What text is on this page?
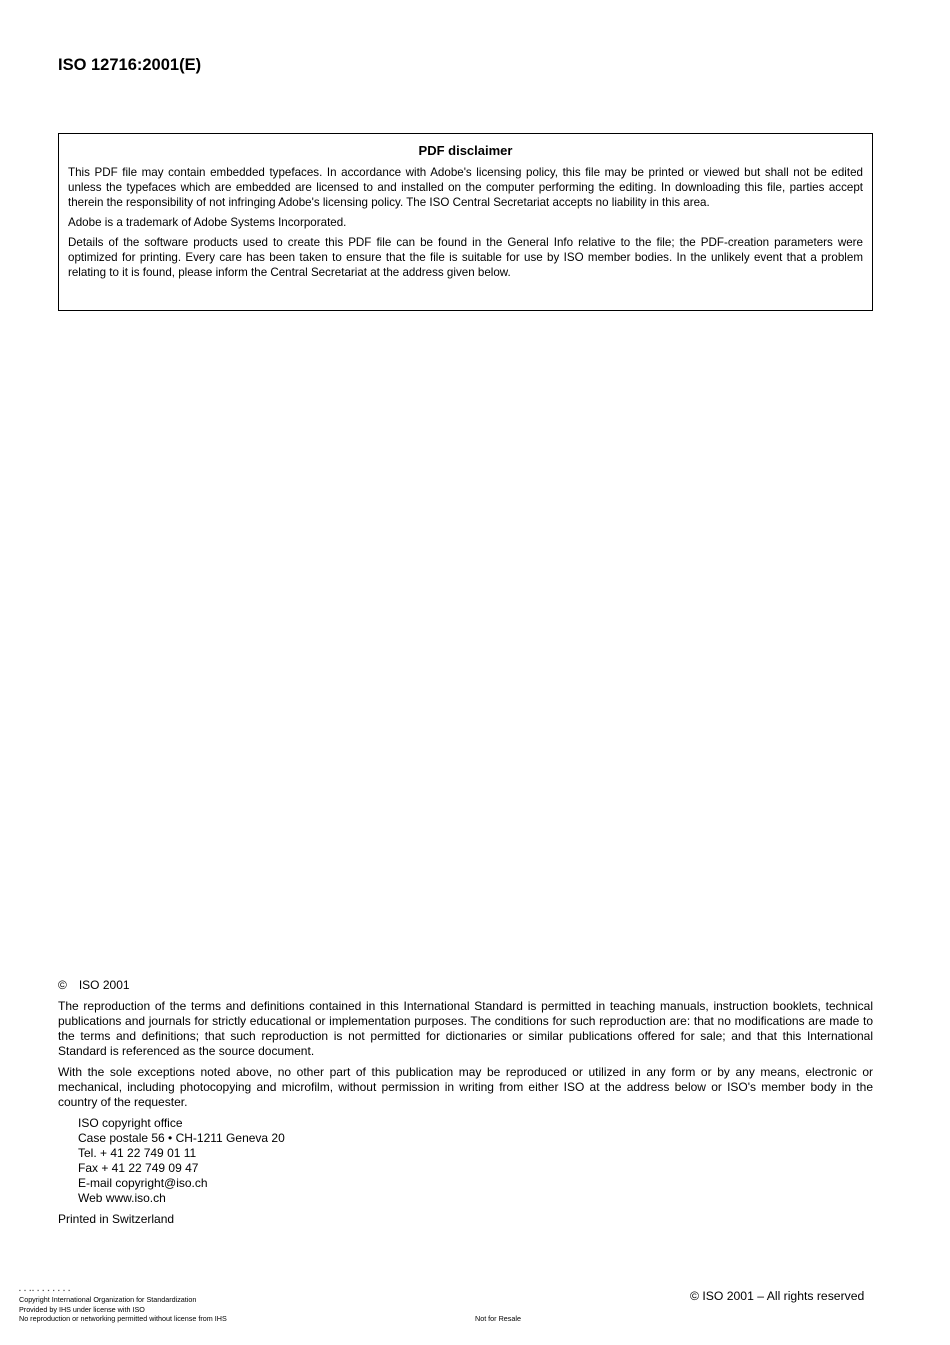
ISO 12716:2001(E)
PDF disclaimer

This PDF file may contain embedded typefaces. In accordance with Adobe's licensing policy, this file may be printed or viewed but shall not be edited unless the typefaces which are embedded are licensed to and installed on the computer performing the editing. In downloading this file, parties accept therein the responsibility of not infringing Adobe's licensing policy. The ISO Central Secretariat accepts no liability in this area.

Adobe is a trademark of Adobe Systems Incorporated.

Details of the software products used to create this PDF file can be found in the General Info relative to the file; the PDF-creation parameters were optimized for printing. Every care has been taken to ensure that the file is suitable for use by ISO member bodies. In the unlikely event that a problem relating to it is found, please inform the Central Secretariat at the address given below.

© ISO 2001

The reproduction of the terms and definitions contained in this International Standard is permitted in teaching manuals, instruction booklets, technical publications and journals for strictly educational or implementation purposes. The conditions for such reproduction are: that no modifications are made to the terms and definitions; that such reproduction is not permitted for dictionaries or similar publications offered for sale; and that this International Standard is referenced as the source document.

With the sole exceptions noted above, no other part of this publication may be reproduced or utilized in any form or by any means, electronic or mechanical, including photocopying and microfilm, without permission in writing from either ISO at the address below or ISO's member body in the country of the requester.

ISO copyright office
Case postale 56 • CH-1211 Geneva 20
Tel. + 41 22 749 01 11
Fax + 41 22 749 09 47
E-mail copyright@iso.ch
Web www.iso.ch

Printed in Switzerland

▪ ▪ ▪▪ ▪ ▪ ▪ ▪ ▪ ▪ ▪
Copyright International Organization for Standardization
Provided by IHS under license with ISO
No reproduction or networking permitted without license from IHS	Not for Resale
© ISO 2001 – All rights reserved
